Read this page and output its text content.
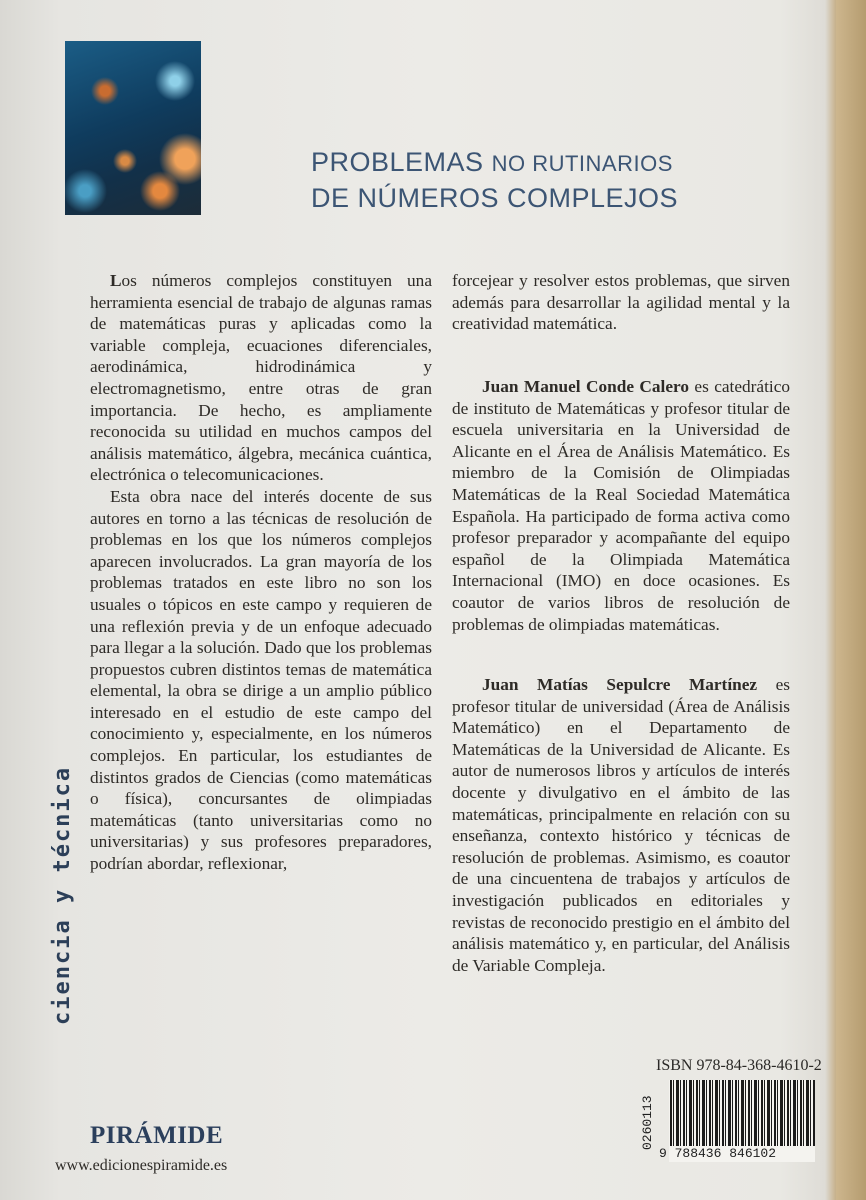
PROBLEMAS NO RUTINARIOS
DE NÚMEROS COMPLEJOS

Los números complejos constituyen una herramienta esencial de trabajo de algunas ramas de matemáticas puras y aplicadas como la variable compleja, ecuaciones diferenciales, aerodinámica, hidrodinámica y electromagnetismo, entre otras de gran importancia. De hecho, es ampliamente reconocida su utilidad en muchos campos del análisis matemático, álgebra, mecánica cuántica, electrónica o telecomunicaciones.

Esta obra nace del interés docente de sus autores en torno a las técnicas de resolución de problemas en los que los números complejos aparecen involucrados. La gran mayoría de los problemas tratados en este libro no son los usuales o tópicos en este campo y requieren de una reflexión previa y de un enfoque adecuado para llegar a la solución. Dado que los problemas propuestos cubren distintos temas de matemática elemental, la obra se dirige a un amplio público interesado en el estudio de este campo del conocimiento y, especialmente, en los números complejos. En particular, los estudiantes de distintos grados de Ciencias (como matemáticas o física), concursantes de olimpiadas matemáticas (tanto universitarias como no universitarias) y sus profesores preparadores, podrían abordar, reflexionar,

forcejear y resolver estos problemas, que sirven además para desarrollar la agilidad mental y la creatividad matemática.

Juan Manuel Conde Calero es catedrático de instituto de Matemáticas y profesor titular de escuela universitaria en la Universidad de Alicante en el Área de Análisis Matemático. Es miembro de la Comisión de Olimpiadas Matemáticas de la Real Sociedad Matemática Española. Ha participado de forma activa como profesor preparador y acompañante del equipo español de la Olimpiada Matemática Internacional (IMO) en doce ocasiones. Es coautor de varios libros de resolución de problemas de olimpiadas matemáticas.

Juan Matías Sepulcre Martínez es profesor titular de universidad (Área de Análisis Matemático) en el Departamento de Matemáticas de la Universidad de Alicante. Es autor de numerosos libros y artículos de interés docente y divulgativo en el ámbito de las matemáticas, principalmente en relación con su enseñanza, contexto histórico y técnicas de resolución de problemas. Asimismo, es coautor de una cincuentena de trabajos y artículos de investigación publicados en editoriales y revistas de reconocido prestigio en el ámbito del análisis matemático y, en particular, del Análisis de Variable Compleja.

ciencia y técnica
PIRÁMIDE
www.edicionespiramide.es
ISBN 978-84-368-4610-2
9 788436 846102
0260113
